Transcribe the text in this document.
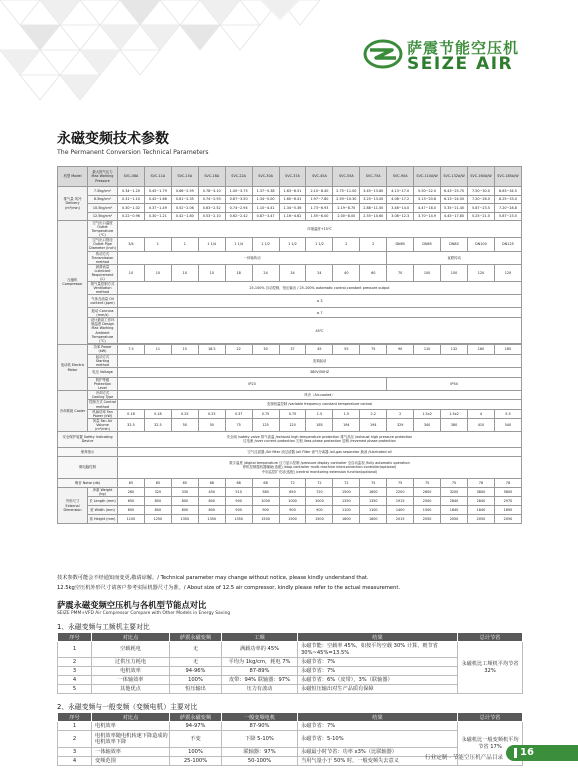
萨震节能空压机
SEIZE AIR
永磁变频技术参数
The Permanent Conversion Technical Parameters
机型 Model	最大排气压力 Max Working Pressure	SVC-08A	SVC-11A	SVC-15A	SVC-18A	SVC-22A	SVC-30A	SVC-37A	SVC-45A	SVC-55A	SVC-75A	SVC-90A	SVC-110A/W	SVC-132A/W	SVC-160A/W	SVC-185A/W
排气量 风冷 Delivery (m³/min)	7.5kg/cm²	0.34~1.20	0.45~1.79	0.66~2.59	0.78~3.10	1.00~3.75	1.37~5.38	1.63~6.51	2.10~8.40	2.75~11.00	3.45~13.80	4.13~17.0	5.50~22.0	6.43~25.70	7.50~30.0	8.63~34.5
	8.5kg/cm²	0.31~1.10	0.42~1.66	0.61~2.35	0.74~2.93	0.87~3.50	1.34~5.00	1.60~6.41	1.97~7.80	2.59~10.30	3.25~13.00	4.08~17.2	5.13~20.8	6.13~24.50	7.20~28.0	8.25~33.0
	10.5kg/cm²	0.30~1.02	0.37~1.49	0.52~2.06	0.63~2.52	0.74~2.94	1.10~4.41	1.34~5.36	1.73~6.93	2.19~8.70	2.88~11.50	3.48~14.0	4.47~18.0	5.35~21.40	5.87~23.5	7.20~28.8
	12.5kg/cm²	0.22~0.96	0.30~1.21	0.42~1.80	0.53~2.10	0.62~2.42	0.87~3.47	1.16~4.62	1.55~6.00	2.00~8.00	2.55~10.60	3.08~12.3	3.70~14.9	4.45~17.80	5.25~21.0	5.87~23.5
压缩机 Compressor	空气出口温度 Outlet Temperature (℃)	环境温度+15℃														
	空气出口管径 Outlet Pipe Diameter (inch)	3/4	1	1	1 1/4	1 1/4	1 1/2	1 1/2	1 1/2	2	2	DN65	DN65	DN80	DN100	DN125
	传动方式 Transmission method	一体轴传动										直联传动				
	润滑油量 Lubricant Requirement (L)	10	10	10	10	18	24	24	24	40	60	70	100	100	120	120
	排气量控制方式 Ventilation method	25-100% 自动控制，恒压输出 / 25-100% automatic control,constant pressure output														
	气体含油量 Oil content (ppm)	≤ 3														
	振动 Concuss (mm/s)	≤ 7														
	设计最高工作环境温度 Design Max Working Ambient Temperature (℃)	45℃														

电动机 Electric Motor	功率 Power (kW)	7.5	11	15	18.5	22	30	37	45	55	75	90	110	132	160	185
	起动方式 Starting method	变频起动														
	电压 Voltage	380V/50HZ														
	防护等级 Protection Level	IP23										IP54				
冷却系统 Cooler	冷却方式 Cooling Type	风冷（Air-cooled）														
	控制方式 Control method	变频恒温控制 /variable frequency constant temperature control														
	风扇功率 Fan Power (kW)	0.18	0.18	0.25	0.25	0.37	0.75	0.75	1.5	1.5	2.2	2	1.5x2	1.5x2	4	5.5
	风量 Fan Air Volume (m³/min)	32.5	32.5	50	50	75	125	120	185	194	194	329	340	380	410	540
安全保护装置 Safety Indicating Device		安全阀 /safety valve 排气高温 /exhaust high temperature protection 排气高压 /exhaust high pressure protection
过电流 /over current protection 欠相 /less phase protection 逆相 /reversed phase protection														

保养指示		空气过滤器 /Air filter 油过滤器 /oil Filter 油气分离器 /oil-gas separator 换油 /lubricated oil														
微电脑控制		数字温度 /digital temperature 压力显示控制 /pressure display controller 全自动监视 /fully automatic operation
停机控制器机器辅助(选配) /stop controller multi-machine interconnection controller(optional)
中央监控扩充站(选配) /central monitoring extension function(optional)														

噪音 Noise (db)		65	65	65	68	68	68	72	72	72	75	75	75	75	78	78
外形尺寸 External Dimension	净重 Weight (kg)	260	320	330	450	510	580	650	720	1500	1800	2200	2600	3200	3800	5800
	长 Length (mm)	650	800	800	800	900	1000	1000	1000	1350	1350	1915	2500	2840	2840	2970
	宽 Width (mm)	650	800	800	800	900	900	900	900	1100	1100	1400	1500	1840	1840	1890
	高 Height (mm)	1100	1250	1350	1350	1350	1500	1500	1500	1600	1600	2015	2050	2050	2050	2050
技术参数可能会不经通知而变更,敬请谅解。/ Technical parameter may change without notice, please kindly understand that.
12.5kg空压机外形尺寸请客户参考实际机器尺寸为准。/ About size of 12.5 air compressor, kindly please refer to the actual measurement.
萨震永磁变频空压机与各机型节能点对比
SEIZE PMM+VFD Air Compressor Compare with Other Models in Energy Saving
1、永磁变频与工频机主要对比
序号	对比点	萨震永磁变频	工频	结果	总计节省
1	空载耗电	无	满载功率的 45%	永磁节能：空载率 45%，如按平均空载 30% 计算，则节省 30%~45%=13.5%	永磁机比工频机平均节省 32%
2	过供压力耗电	无	平均为 1kg/cm，耗电 7%	永磁节省：7%	
3	电机效率	94-96%	87-89%	永磁节省：7%	
4	一体轴效率	100%	皮带：94% 联轴器：97%	永磁节省：6%（皮带），3%（联轴器）	
5	其他优点	恒压输出	压力有波动	永磁恒压输出对生产品质有保障	
2、永磁变频与一般变频（变频电机）主要对比
序号	对比点	萨震永磁变频	一般变频电机	结果	总计节省
1	电机效率	94-97%	87-90%	永磁节省：7%	永磁机比一般变频机平均节省 17%
2	电机效率随电机转速下降造成的电机效率下降	不变	下降 5-10%	永磁节省：5-10%	
3	一体轴效率	100%	联轴器：97%	永磁最小时节省：功率 x3%（比联轴器）	
4	变频范围	25-100%	50-100%	当用气量小于 50% 时，一般变频失去意义		行业定制 · 节能空压机产品目录	16
